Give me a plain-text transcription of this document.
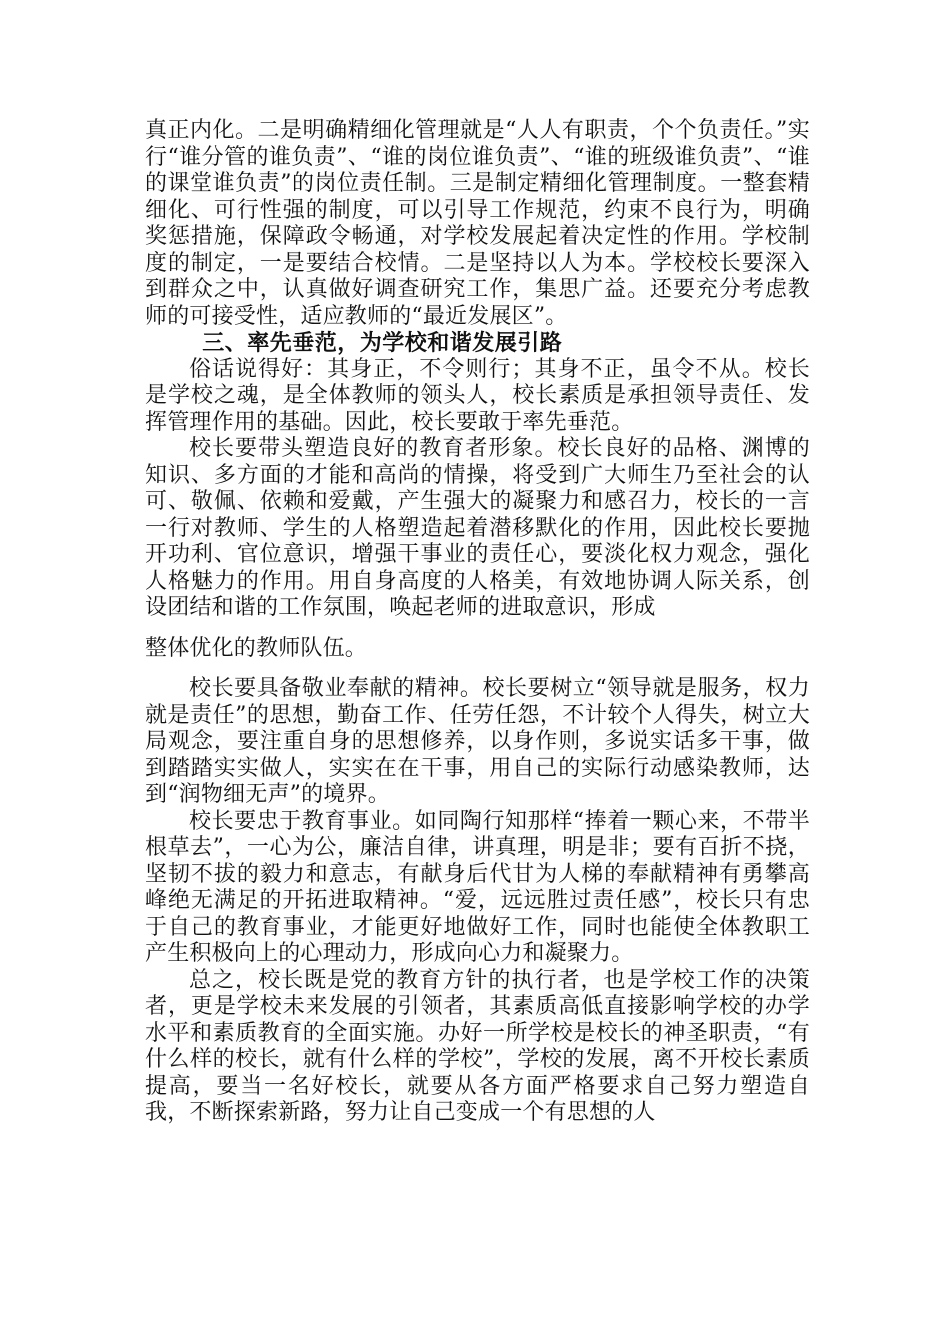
真正内化。二是明确精细化管理就是“人人有职责，个个负责任。”实行“谁分管的谁负责”、“谁的岗位谁负责”、“谁的班级谁负责”、“谁的课堂谁负责”的岗位责任制。三是制定精细化管理制度。一整套精细化、可行性强的制度，可以引导工作规范，约束不良行为，明确奖惩措施，保障政令畅通，对学校发展起着决定性的作用。学校制度的制定，一是要结合校情。二是坚持以人为本。学校校长要深入到群众之中，认真做好调查研究工作，集思广益。还要充分考虑教师的可接受性，适应教师的“最近发展区”。

三、率先垂范，为学校和谐发展引路

俗话说得好：其身正，不令则行；其身不正，虽令不从。校长是学校之魂，是全体教师的领头人，校长素质是承担领导责任、发挥管理作用的基础。因此，校长要敢于率先垂范。

校长要带头塑造良好的教育者形象。校长良好的品格、渊博的知识、多方面的才能和高尚的情操，将受到广大师生乃至社会的认可、敬佩、依赖和爱戴，产生强大的凝聚力和感召力，校长的一言一行对教师、学生的人格塑造起着潜移默化的作用，因此校长要抛开功利、官位意识，增强干事业的责任心，要淡化权力观念，强化人格魅力的作用。用自身高度的人格美，有效地协调人际关系，创设团结和谐的工作氛围，唤起老师的进取意识，形成

整体优化的教师队伍。

校长要具备敬业奉献的精神。校长要树立“领导就是服务，权力就是责任”的思想，勤奋工作、任劳任怨，不计较个人得失，树立大局观念，要注重自身的思想修养，以身作则，多说实话多干事，做到踏踏实实做人，实实在在干事，用自己的实际行动感染教师，达到“润物细无声”的境界。

校长要忠于教育事业。如同陶行知那样“捧着一颗心来，不带半根草去”，一心为公，廉洁自律，讲真理，明是非；要有百折不挠，坚韧不拔的毅力和意志，有献身后代甘为人梯的奉献精神有勇攀高峰绝无满足的开拓进取精神。“爱，远远胜过责任感”，校长只有忠于自己的教育事业，才能更好地做好工作，同时也能使全体教职工产生积极向上的心理动力，形成向心力和凝聚力。

总之，校长既是党的教育方针的执行者，也是学校工作的决策者，更是学校未来发展的引领者，其素质高低直接影响学校的办学水平和素质教育的全面实施。办好一所学校是校长的神圣职责，“有什么样的校长，就有什么样的学校”，学校的发展，离不开校长素质提高，要当一名好校长，就要从各方面严格要求自己努力塑造自我，不断探索新路，努力让自己变成一个有思想的人
